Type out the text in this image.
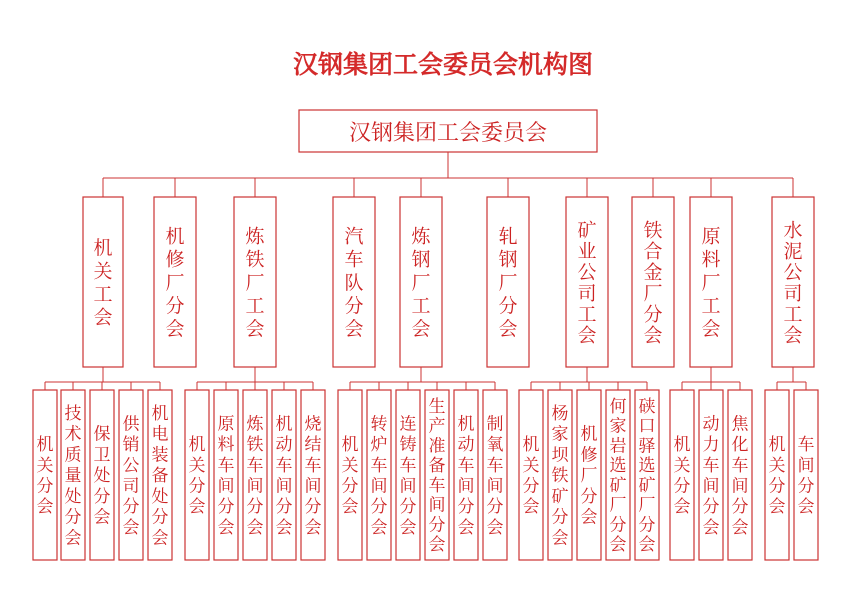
汉钢集团工会委员会机构图
汉钢集团工会委员会
机关工会
机关分会
技术质量处分会
保卫处分会
供销公司分会
机电装备处分会
机修厂分会
炼铁厂工会
机关分会
原料车间分会
炼铁车间分会
机动车间分会
烧结车间分会
汽车队分会
炼钢厂工会
机关分会
转炉车间分会
连铸车间分会
生产准备车间分会
机动车间分会
制氧车间分会
轧钢厂分会
矿业公司工会
机关分会
杨家坝铁矿分会
机修厂分会
何家岩选矿厂分会
硖口驿选矿厂分会
铁合金厂分会
原料厂工会
机关分会
动力车间分会
焦化车间分会
水泥公司工会
机关分会
车间分会
